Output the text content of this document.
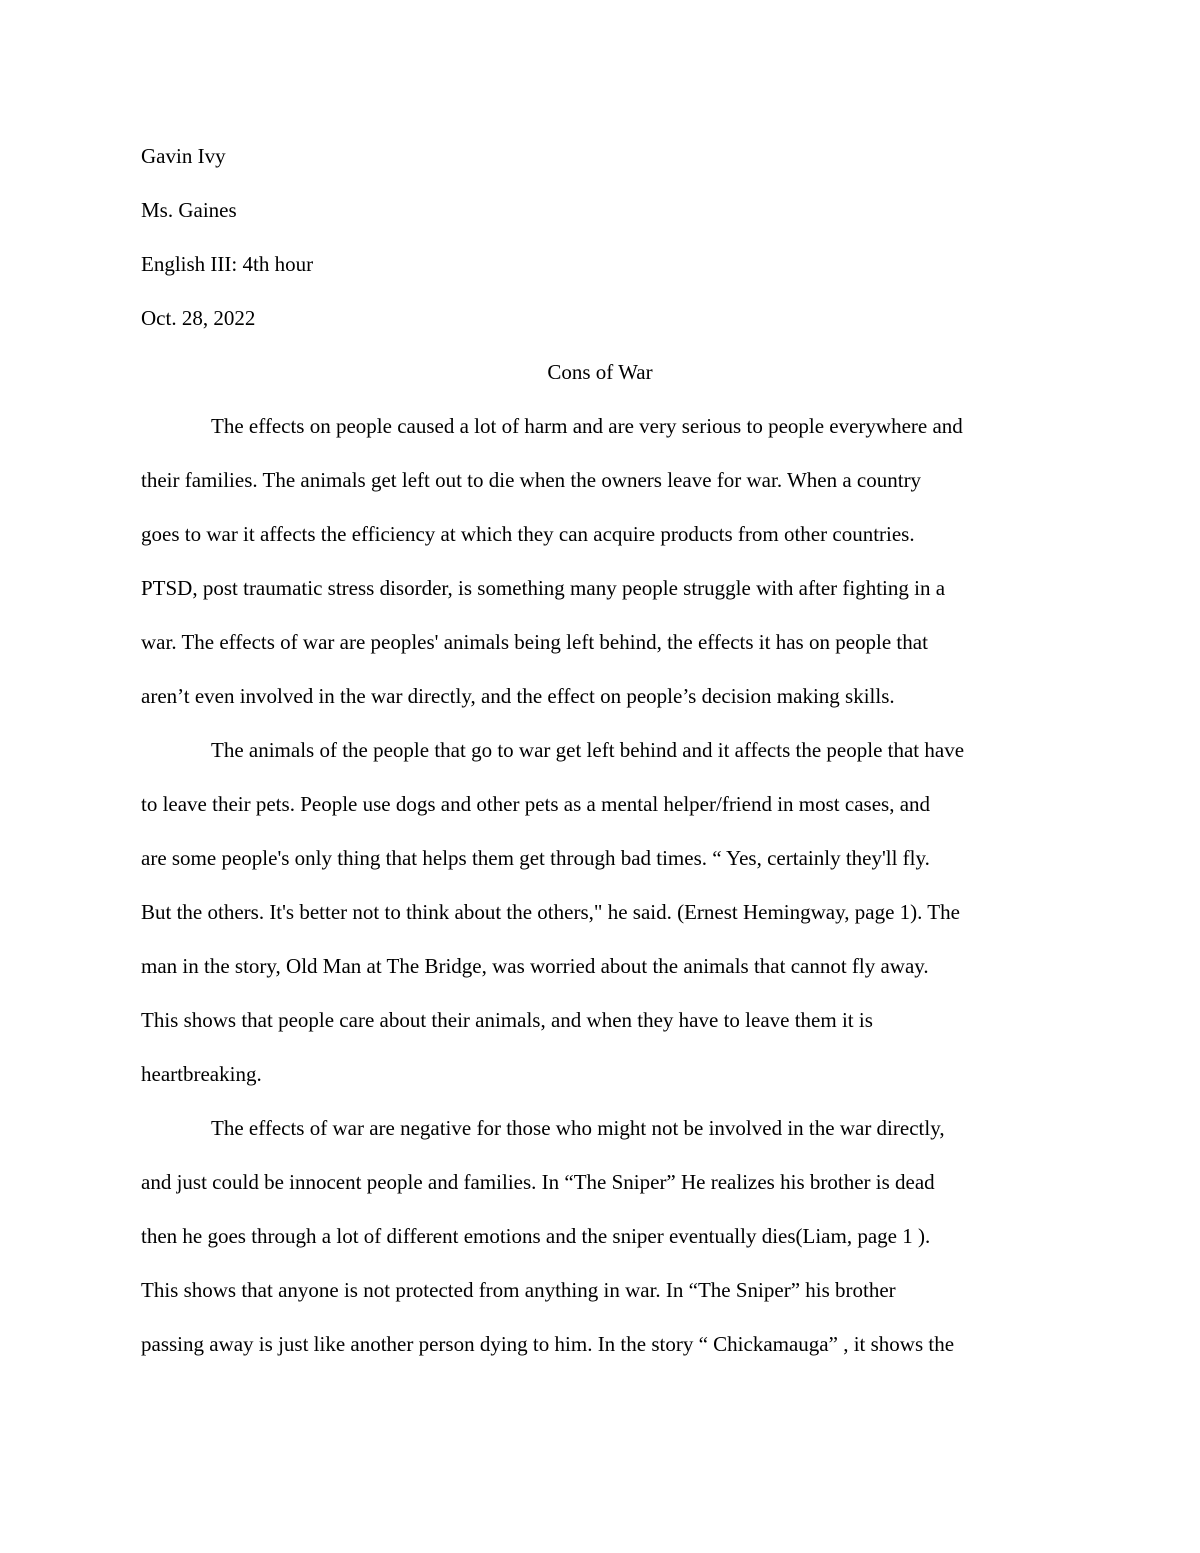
Gavin Ivy
Ms. Gaines
English III: 4th hour
Oct. 28, 2022
Cons of War
The effects on people caused a lot of harm and are very serious to people everywhere and
their families. The animals get left out to die when the owners leave for war. When a country
goes to war it affects the efficiency at which they can acquire products from other countries.
PTSD, post traumatic stress disorder, is something many people struggle with after fighting in a
war. The effects of war are peoples' animals being left behind, the effects it has on people that
aren’t even involved in the war directly, and the effect on people’s decision making skills.
The animals of the people that go to war get left behind and it affects the people that have
to leave their pets. People use dogs and other pets as a mental helper/friend in most cases, and
are some people's only thing that helps them get through bad times. “ Yes, certainly they'll fly.
But the others. It's better not to think about the others," he said. (Ernest Hemingway, page 1). The
man in the story, Old Man at The Bridge, was worried about the animals that cannot fly away.
This shows that people care about their animals, and when they have to leave them it is
heartbreaking.
The effects of war are negative for those who might not be involved in the war directly,
and just could be innocent people and families. In “The Sniper” He realizes his brother is dead
then he goes through a lot of different emotions and the sniper eventually dies(Liam, page 1 ).
This shows that anyone is not protected from anything in war. In “The Sniper” his brother
passing away is just like another person dying to him. In the story “ Chickamauga” , it shows the
